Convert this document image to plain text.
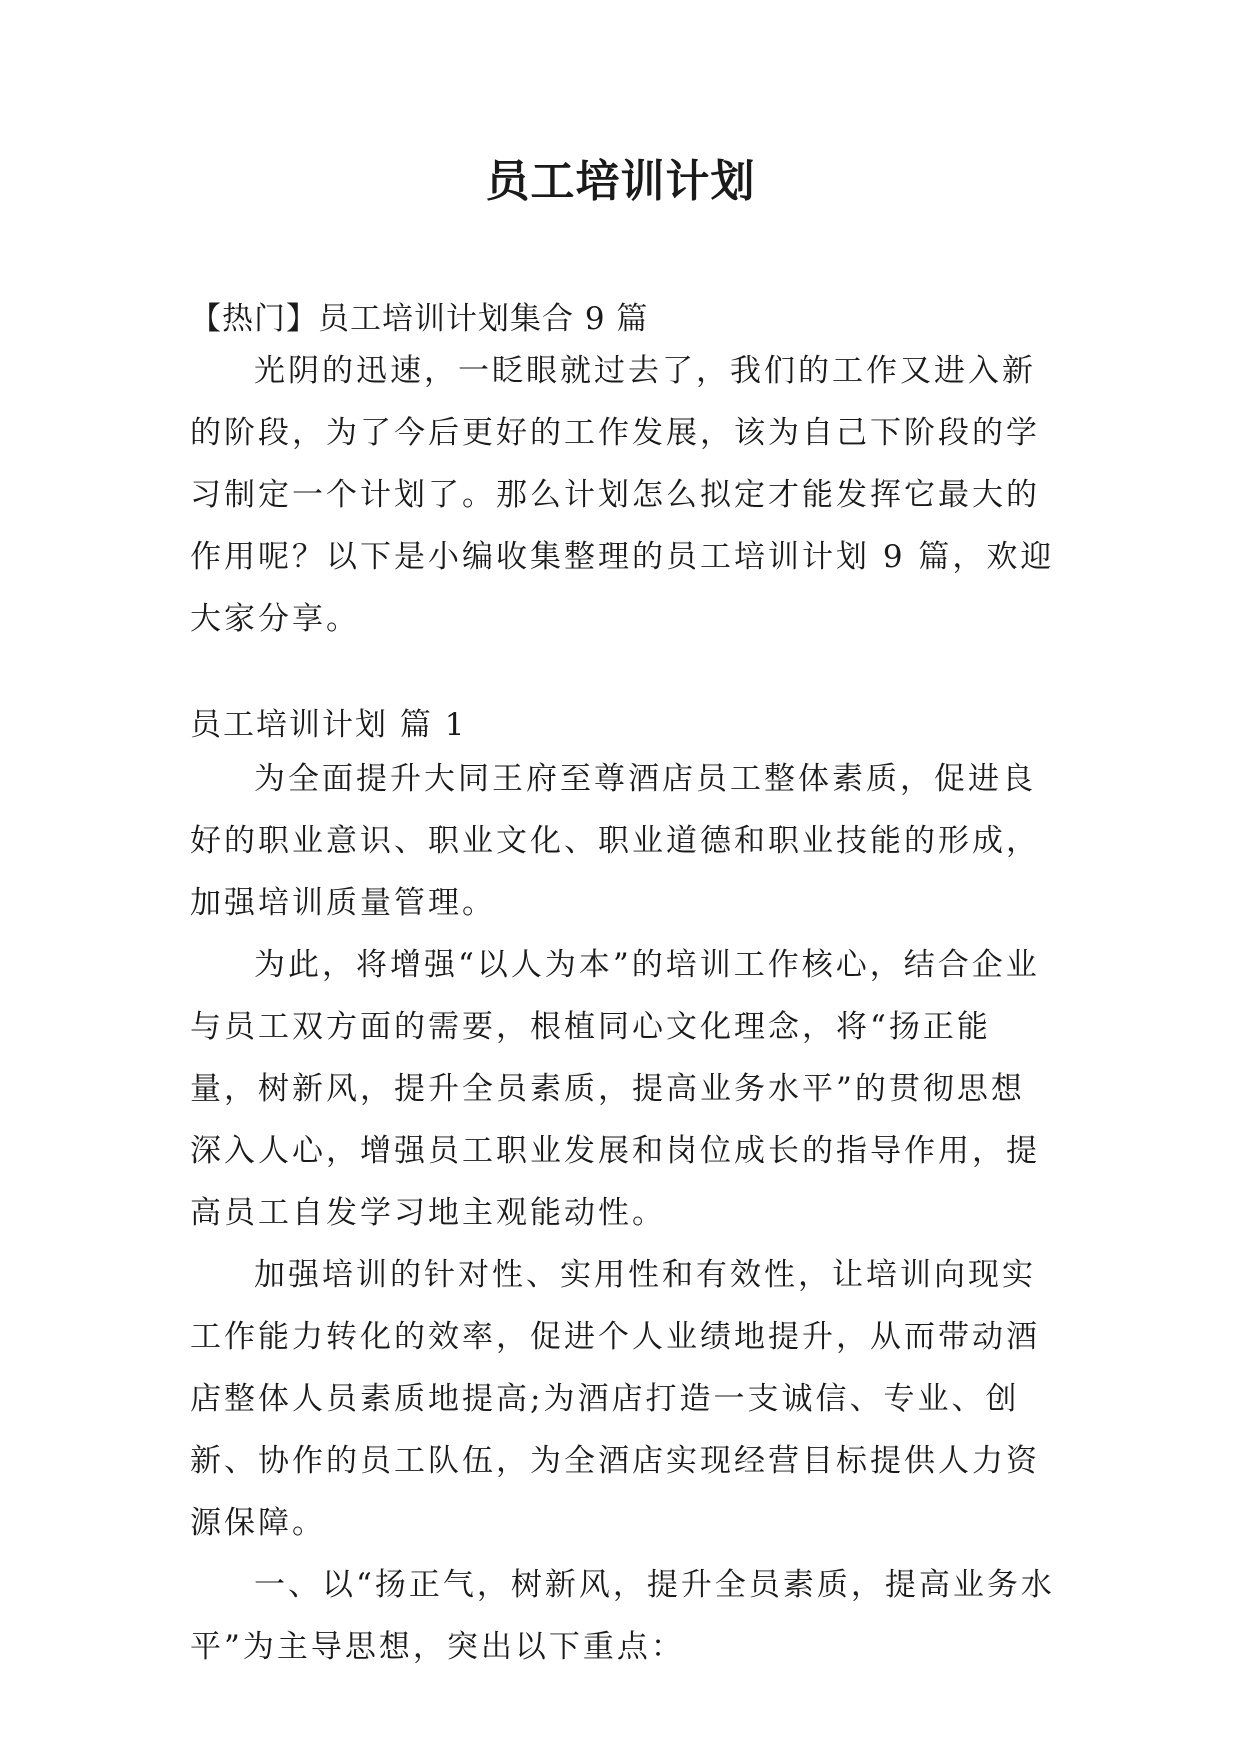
员工培训计划
【热门】员工培训计划集合 9 篇
光阴的迅速，一眨眼就过去了，我们的工作又进入新的阶段，为了今后更好的工作发展，该为自己下阶段的学习制定一个计划了。那么计划怎么拟定才能发挥它最大的作用呢？以下是小编收集整理的员工培训计划 9 篇，欢迎大家分享。
员工培训计划 篇 1

为全面提升大同王府至尊酒店员工整体素质，促进良好的职业意识、职业文化、职业道德和职业技能的形成，加强培训质量管理。

为此，将增强“以人为本”的培训工作核心，结合企业与员工双方面的需要，根植同心文化理念，将“扬正能量，树新风，提升全员素质，提高业务水平”的贯彻思想深入人心，增强员工职业发展和岗位成长的指导作用，提高员工自发学习地主观能动性。

加强培训的针对性、实用性和有效性，让培训向现实工作能力转化的效率，促进个人业绩地提升，从而带动酒店整体人员素质地提高;为酒店打造一支诚信、专业、创新、协作的员工队伍，为全酒店实现经营目标提供人力资源保障。

一、以“扬正气，树新风，提升全员素质，提高业务水平”为主导思想，突出以下重点：
